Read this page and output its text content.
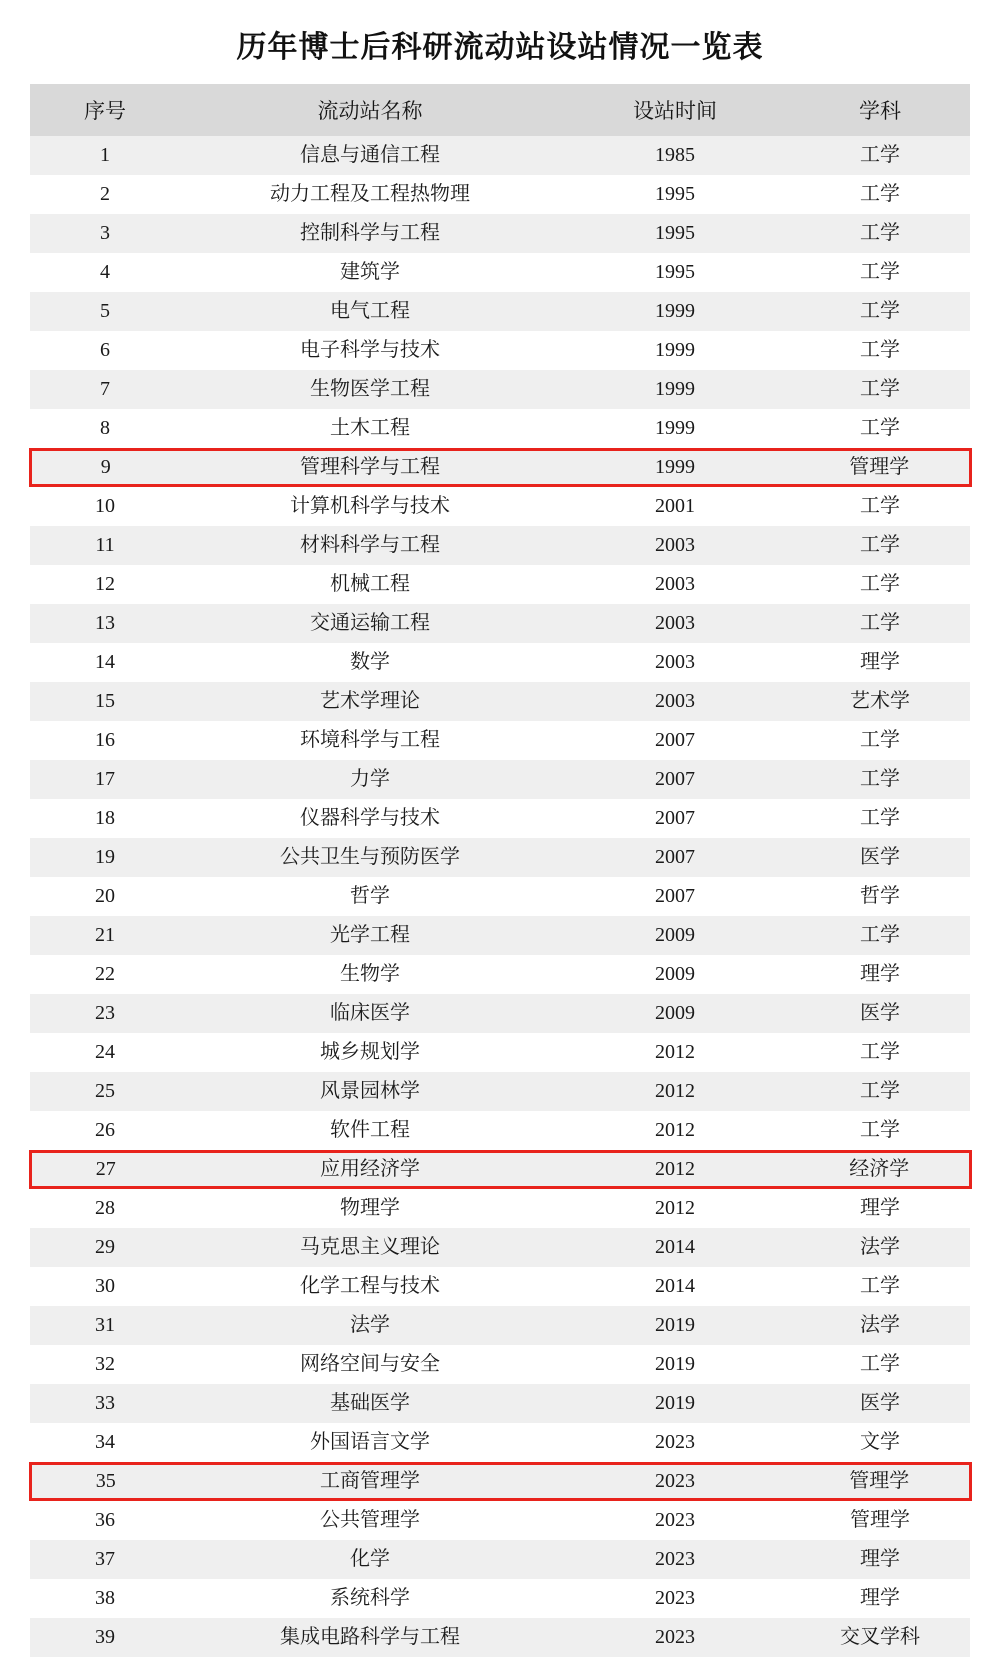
历年博士后科研流动站设站情况一览表
序号	流动站名称	设站时间	学科
1	信息与通信工程	1985	工学
2	动力工程及工程热物理	1995	工学
3	控制科学与工程	1995	工学
4	建筑学	1995	工学
5	电气工程	1999	工学
6	电子科学与技术	1999	工学
7	生物医学工程	1999	工学
8	土木工程	1999	工学
9	管理科学与工程	1999	管理学
10	计算机科学与技术	2001	工学
11	材料科学与工程	2003	工学
12	机械工程	2003	工学
13	交通运输工程	2003	工学
14	数学	2003	理学
15	艺术学理论	2003	艺术学
16	环境科学与工程	2007	工学
17	力学	2007	工学
18	仪器科学与技术	2007	工学
19	公共卫生与预防医学	2007	医学
20	哲学	2007	哲学
21	光学工程	2009	工学
22	生物学	2009	理学
23	临床医学	2009	医学
24	城乡规划学	2012	工学
25	风景园林学	2012	工学
26	软件工程	2012	工学
27	应用经济学	2012	经济学
28	物理学	2012	理学
29	马克思主义理论	2014	法学
30	化学工程与技术	2014	工学
31	法学	2019	法学
32	网络空间与安全	2019	工学
33	基础医学	2019	医学
34	外国语言文学	2023	文学
35	工商管理学	2023	管理学
36	公共管理学	2023	管理学
37	化学	2023	理学
38	系统科学	2023	理学
39	集成电路科学与工程	2023	交叉学科
